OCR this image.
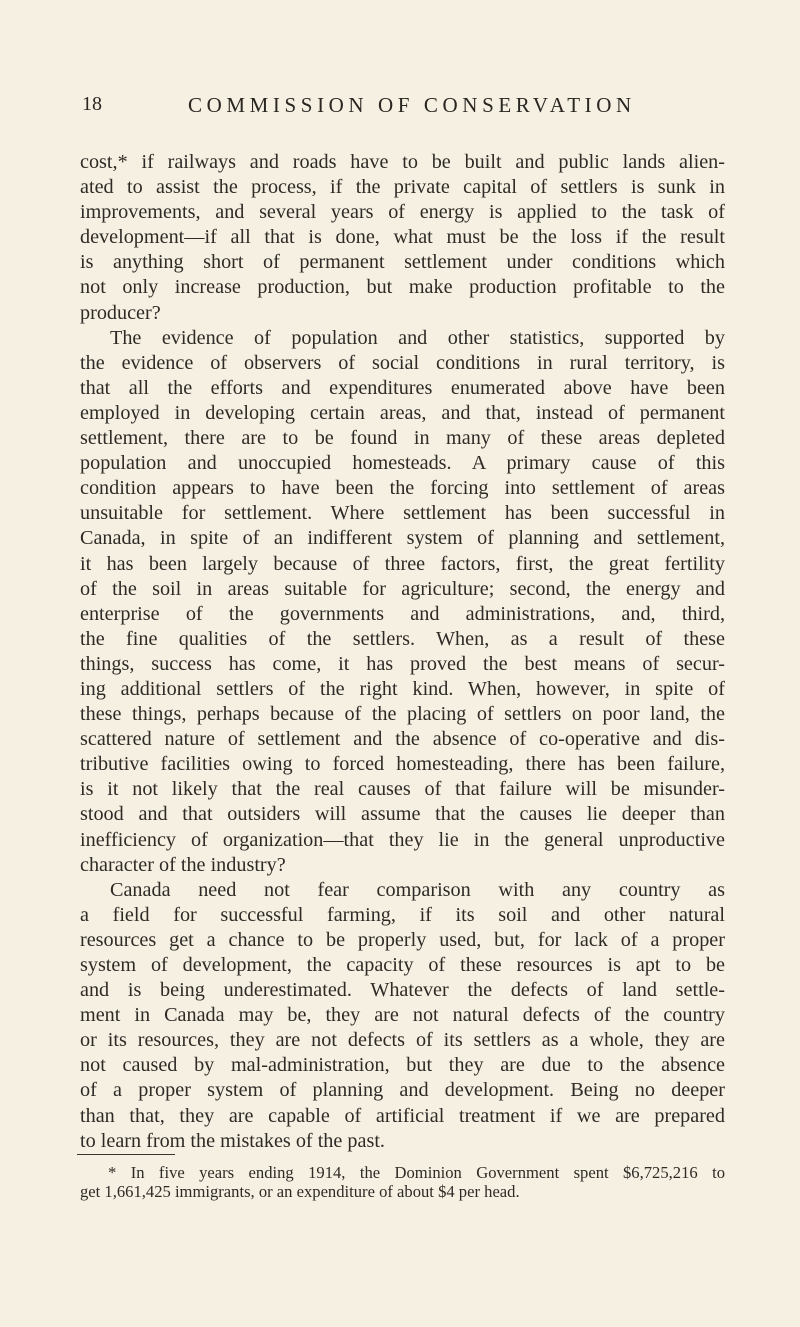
18	COMMISSION OF CONSERVATION
cost,* if railways and roads have to be built and public lands alien-
ated to assist the process, if the private capital of settlers is sunk in
improvements, and several years of energy is applied to the task of
development—if all that is done, what must be the loss if the result
is anything short of permanent settlement under conditions which
not only increase production, but make production profitable to the
producer?
The evidence of population and other statistics, supported by
the evidence of observers of social conditions in rural territory, is
that all the efforts and expenditures enumerated above have been
employed in developing certain areas, and that, instead of permanent
settlement, there are to be found in many of these areas depleted
population and unoccupied homesteads. A primary cause of this
condition appears to have been the forcing into settlement of areas
unsuitable for settlement. Where settlement has been successful in
Canada, in spite of an indifferent system of planning and settlement,
it has been largely because of three factors, first, the great fertility
of the soil in areas suitable for agriculture; second, the energy and
enterprise of the governments and administrations, and, third,
the fine qualities of the settlers. When, as a result of these
things, success has come, it has proved the best means of secur-
ing additional settlers of the right kind. When, however, in spite of
these things, perhaps because of the placing of settlers on poor land, the
scattered nature of settlement and the absence of co-operative and dis-
tributive facilities owing to forced homesteading, there has been failure,
is it not likely that the real causes of that failure will be misunder-
stood and that outsiders will assume that the causes lie deeper than
inefficiency of organization—that they lie in the general unproductive
character of the industry?
Canada need not fear comparison with any country as
a field for successful farming, if its soil and other natural
resources get a chance to be properly used, but, for lack of a proper
system of development, the capacity of these resources is apt to be
and is being underestimated. Whatever the defects of land settle-
ment in Canada may be, they are not natural defects of the country
or its resources, they are not defects of its settlers as a whole, they are
not caused by mal-administration, but they are due to the absence
of a proper system of planning and development. Being no deeper
than that, they are capable of artificial treatment if we are prepared
to learn from the mistakes of the past.
* In five years ending 1914, the Dominion Government spent $6,725,216 to
get 1,661,425 immigrants, or an expenditure of about $4 per head.
